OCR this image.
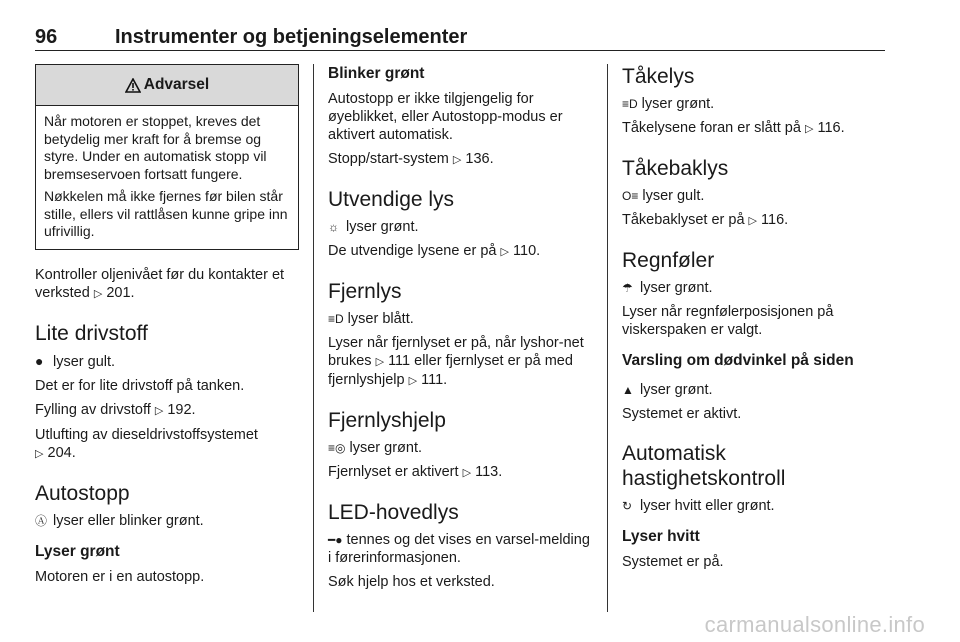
96	Instrumenter og betjeningselementer
Advarsel

Når motoren er stoppet, kreves det betydelig mer kraft for å bremse og styre. Under en automatisk stopp vil bremseservoen fortsatt fungere.

Nøkkelen må ikke fjernes før bilen står stille, ellers vil rattlåsen kunne gripe inn ufrivillig.

Kontroller oljenivået før du kontakter et verksted ▷ 201.

Lite drivstoff

● lyser gult.

Det er for lite drivstoff på tanken.

Fylling av drivstoff ▷ 192.

Utlufting av dieseldrivstoffsystemet
▷ 204.

Autostopp

Ⓐ lyser eller blinker grønt.

Lyser grønt

Motoren er i en autostopp.

Blinker grønt

Autostopp er ikke tilgjengelig for øyeblikket, eller Autostopp-modus er aktivert automatisk.

Stopp/start-system ▷ 136.

Utvendige lys

☼ lyser grønt.

De utvendige lysene er på ▷ 110.

Fjernlys

≡D lyser blått.

Lyser når fjernlyset er på, når lyshor-net brukes ▷ 111 eller fjernlyset er på med fjernlyshjelp ▷ 111.

Fjernlyshjelp

≡◎ lyser grønt.

Fjernlyset er aktivert ▷ 113.

LED-hovedlys

━● tennes og det vises en varsel-melding i førerinformasjonen.

Søk hjelp hos et verksted.

Tåkelys

≡D lyser grønt.

Tåkelysene foran er slått på ▷ 116.

Tåkebaklys

O≡ lyser gult.

Tåkebaklyset er på ▷ 116.

Regnføler

☂ lyser grønt.

Lyser når regnfølerposisjonen på viskerspaken er valgt.

Varsling om dødvinkel på siden

▲ lyser grønt.

Systemet er aktivt.

Automatisk hastighetskontroll

↻ lyser hvitt eller grønt.

Lyser hvitt

Systemet er på.

carmanualsonline.info
